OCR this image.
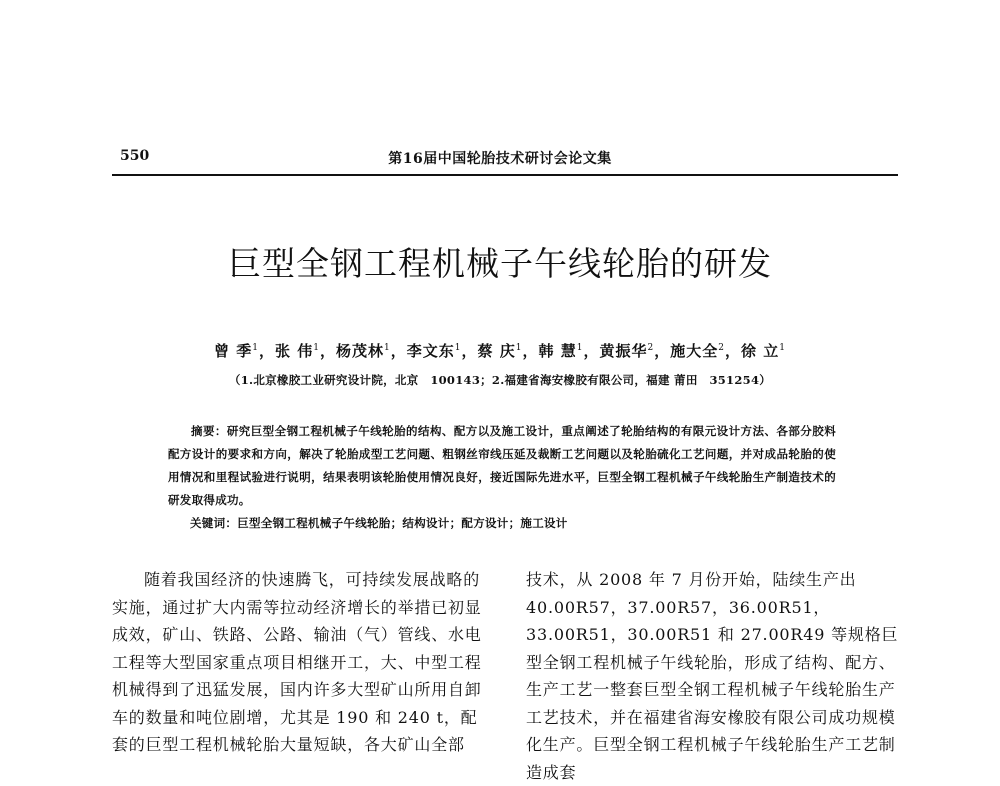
550	第16届中国轮胎技术研讨会论文集
巨型全钢工程机械子午线轮胎的研发
曾 季$^1$，张 伟$^1$，杨茂林$^1$，李文东$^1$，蔡 庆$^1$，韩 慧$^1$，黄振华$^2$，施大全$^2$，徐 立$^1$
（1.北京橡胶工业研究设计院，北京　100143；2.福建省海安橡胶有限公司，福建 莆田　351254）

摘要：研究巨型全钢工程机械子午线轮胎的结构、配方以及施工设计，重点阐述了轮胎结构的有限元设计方法、各部分胶料配方设计的要求和方向，解决了轮胎成型工艺问题、粗钢丝帘线压延及裁断工艺问题以及轮胎硫化工艺问题，并对成品轮胎的使用情况和里程试验进行说明，结果表明该轮胎使用情况良好，接近国际先进水平，巨型全钢工程机械子午线轮胎生产制造技术的研发取得成功。

关键词：巨型全钢工程机械子午线轮胎；结构设计；配方设计；施工设计

随着我国经济的快速腾飞，可持续发展战略的实施，通过扩大内需等拉动经济增长的举措已初显成效，矿山、铁路、公路、输油（气）管线、水电工程等大型国家重点项目相继开工，大、中型工程机械得到了迅猛发展，国内许多大型矿山所用自卸车的数量和吨位剧增，尤其是 190 和 240 t，配套的巨型工程机械轮胎大量短缺，各大矿山全部

技术，从 2008 年 7 月份开始，陆续生产出 40.00R57，37.00R57，36.00R51，33.00R51，30.00R51 和 27.00R49 等规格巨型全钢工程机械子午线轮胎，形成了结构、配方、生产工艺一整套巨型全钢工程机械子午线轮胎生产工艺技术，并在福建省海安橡胶有限公司成功规模化生产。巨型全钢工程机械子午线轮胎生产工艺制造成套
